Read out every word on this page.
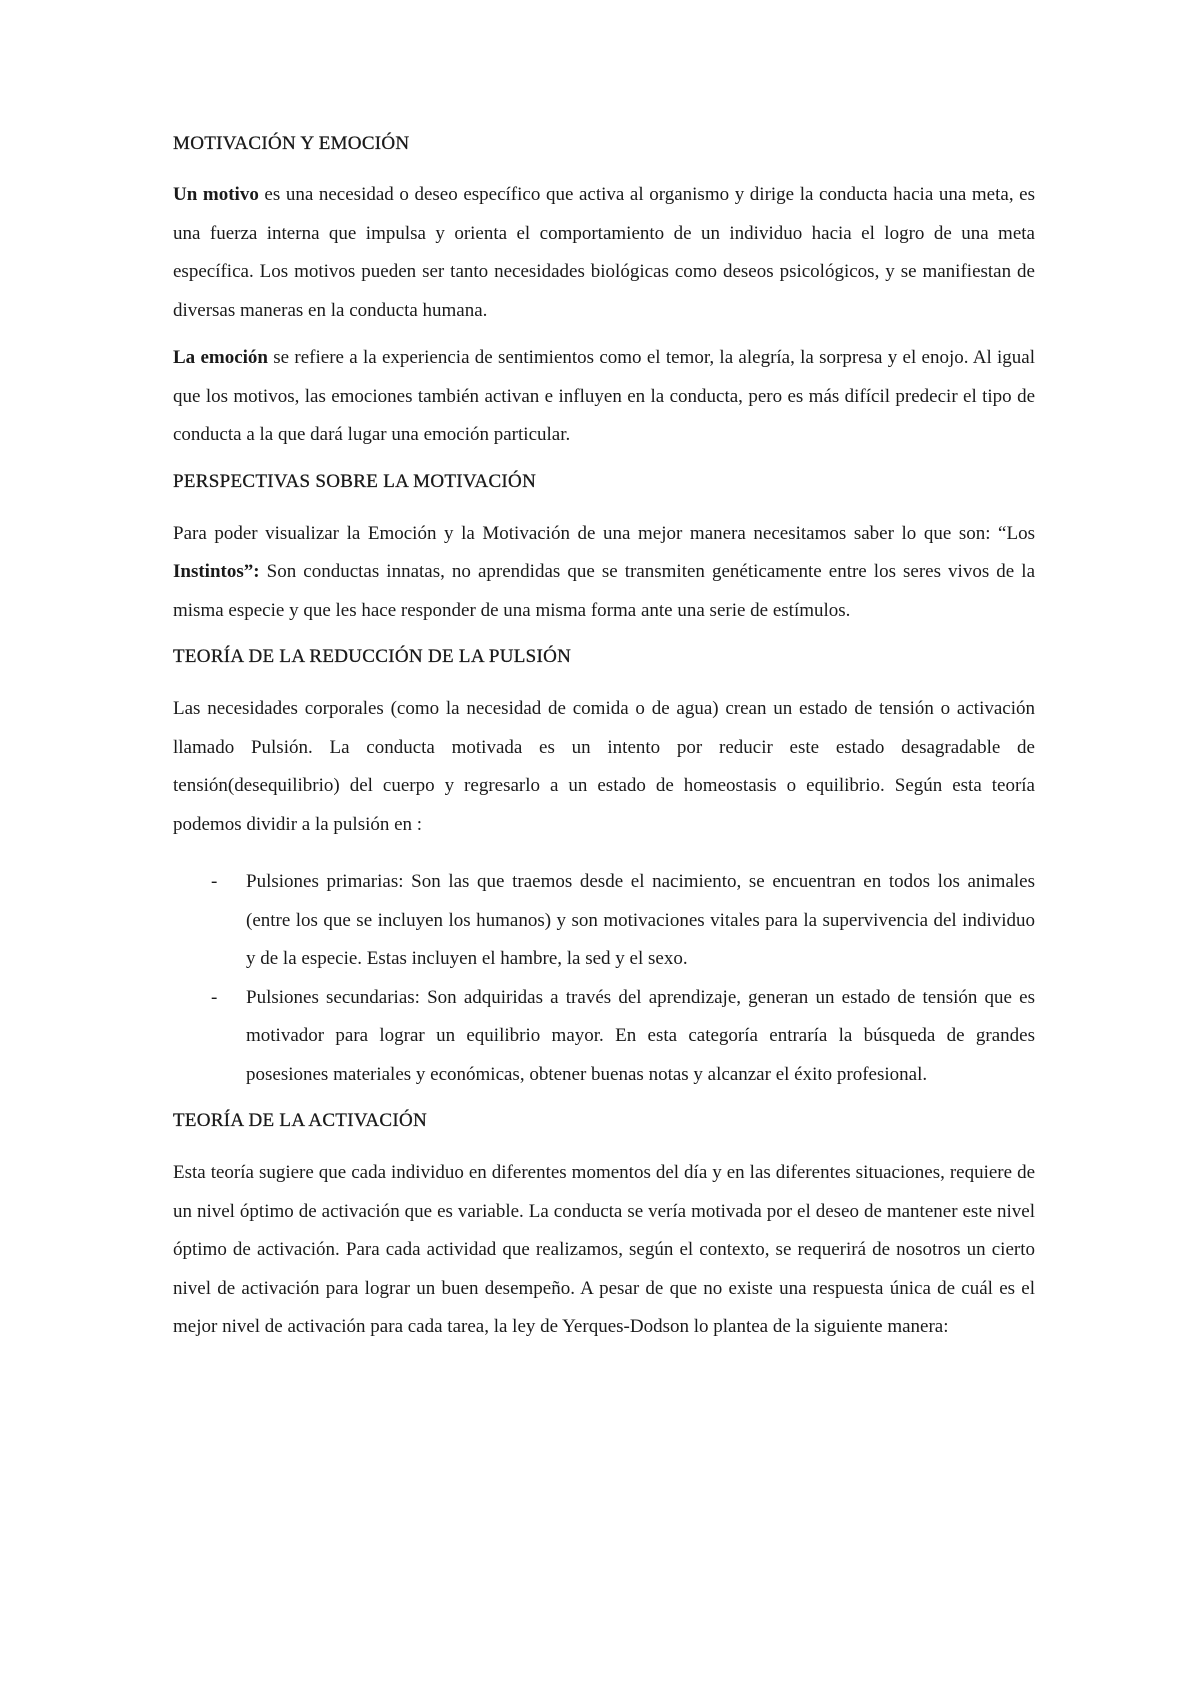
MOTIVACIÓN Y EMOCIÓN

Un motivo es una necesidad o deseo específico que activa al organismo y dirige la conducta hacia una meta, es una fuerza interna que impulsa y orienta el comportamiento de un individuo hacia el logro de una meta específica. Los motivos pueden ser tanto necesidades biológicas como deseos psicológicos, y se manifiestan de diversas maneras en la conducta humana.

La emoción se refiere a la experiencia de sentimientos como el temor, la alegría, la sorpresa y el enojo. Al igual que los motivos, las emociones también activan e influyen en la conducta, pero es más difícil predecir el tipo de conducta a la que dará lugar una emoción particular.

PERSPECTIVAS SOBRE LA MOTIVACIÓN

Para poder visualizar la Emoción y la Motivación de una mejor manera necesitamos saber lo que son: “Los Instintos”: Son conductas innatas, no aprendidas que se transmiten genéticamente entre los seres vivos de la misma especie y que les hace responder de una misma forma ante una serie de estímulos.

TEORÍA DE LA REDUCCIÓN DE LA PULSIÓN

Las necesidades corporales (como la necesidad de comida o de agua) crean un estado de tensión o activación llamado Pulsión. La conducta motivada es un intento por reducir este estado desagradable de tensión(desequilibrio) del cuerpo y regresarlo a un estado de homeostasis o equilibrio. Según esta teoría podemos dividir a la pulsión en :

- Pulsiones primarias: Son las que traemos desde el nacimiento, se encuentran en todos los animales (entre los que se incluyen los humanos) y son motivaciones vitales para la supervivencia del individuo y de la especie. Estas incluyen el hambre, la sed y el sexo.
- Pulsiones secundarias: Son adquiridas a través del aprendizaje, generan un estado de tensión que es motivador para lograr un equilibrio mayor. En esta categoría entraría la búsqueda de grandes posesiones materiales y económicas, obtener buenas notas y alcanzar el éxito profesional.
TEORÍA DE LA ACTIVACIÓN

Esta teoría sugiere que cada individuo en diferentes momentos del día y en las diferentes situaciones, requiere de un nivel óptimo de activación que es variable. La conducta se vería motivada por el deseo de mantener este nivel óptimo de activación. Para cada actividad que realizamos, según el contexto, se requerirá de nosotros un cierto nivel de activación para lograr un buen desempeño. A pesar de que no existe una respuesta única de cuál es el mejor nivel de activación para cada tarea, la ley de Yerques-Dodson lo plantea de la siguiente manera:
